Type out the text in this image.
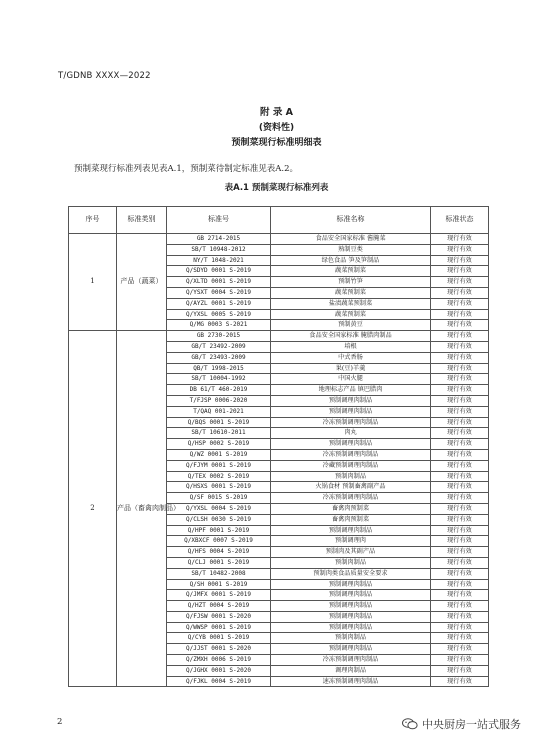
T/GDNB XXXX—2022
附 录 A
(资料性)
预制菜现行标准明细表
预制菜现行标准列表见表A.1，预制菜待制定标准见表A.2。
表A.1 预制菜现行标准列表
序号	标准类别	标准号	标准名称	标准状态
1	产品（蔬菜）	GB 2714-2015	食品安全国家标准 酱腌菜	现行有效
		SB/T 10948-2012	熟制豆类	现行有效
		NY/T 1048-2021	绿色食品 笋及笋制品	现行有效
		Q/SDYD 0001 S-2019	蔬菜预制菜	现行有效
		Q/XLTD 0001 S-2019	预制竹笋	现行有效
		Q/YSXT 0004 S-2019	蔬菜预制菜	现行有效
		Q/AYZL 0001 S-2019	盐渍蔬菜预制菜	现行有效
		Q/YXSL 0005 S-2019	蔬菜预制菜	现行有效
		Q/MG 0003 S-2021	预制黄豆	现行有效
2	产品（畜禽肉制品）	GB 2730-2015	食品安全国家标准 腌腊肉制品	现行有效
		GB/T 23492-2009	培根	现行有效
		GB/T 23493-2009	中式香肠	现行有效
		QB/T 1998-2015	果(豆)羊羹	现行有效
		SB/T 10004-1992	中国火腿	现行有效
		DB 61/T 460-2019	地理标志产品 镇巴腊肉	现行有效
		T/FJSP 0006-2020	预制调理肉制品	现行有效
		T/QAQ 001-2021	预制调理肉制品	现行有效
		Q/BQS 0001 S-2019	冷冻预制调理肉制品	现行有效
		SB/T 10610-2011	肉丸	现行有效
		Q/HSP 0002 S-2019	预制调理肉制品	现行有效
		Q/WZ 0001 S-2019	冷冻预制调理肉制品	现行有效
		Q/FJYM 0001 S-2019	冷藏预制调理肉制品	现行有效
		Q/TEX 0002 S-2019	预制肉制品	现行有效
		Q/HSXS 0001 S-2019	火锅食材 预制畜禽副产品	现行有效
		Q/SF 0015 S-2019	冷冻预制调理肉制品	现行有效
		Q/YXSL 0004 S-2019	畜禽肉预制菜	现行有效
		Q/CLSH 0030 S-2019	畜禽肉预制菜	现行有效
		Q/HPF 0001 S-2019	预制调理肉制品	现行有效
		Q/XBXCF 0007 S-2019	预制调理肉	现行有效
		Q/HFS 0004 S-2019	预制肉及其副产品	现行有效
		Q/CLJ 0001 S-2019	预制肉制品	现行有效
		SB/T 10482-2008	预制肉类食品质量安全要求	现行有效
		Q/SH 0001 S-2019	预制调理肉制品	现行有效
		Q/JMFX 0001 S-2019	预制调理肉制品	现行有效
		Q/HZT 0004 S-2019	预制调理肉制品	现行有效
		Q/FJSW 0001 S-2020	预制调理肉制品	现行有效
		Q/WWSP 0001 S-2019	预制调理肉制品	现行有效
		Q/CYB 0001 S-2019	预制肉制品	现行有效
		Q/JJST 0001 S-2020	预制调理肉制品	现行有效
		Q/ZMXH 0006 S-2019	冷冻预制调理肉制品	现行有效
		Q/JGHX 0001 S-2020	调理肉制品	现行有效
		Q/FJKL 0004 S-2019	速冻预制调理肉制品	现行有效
2	中央厨房一站式服务
